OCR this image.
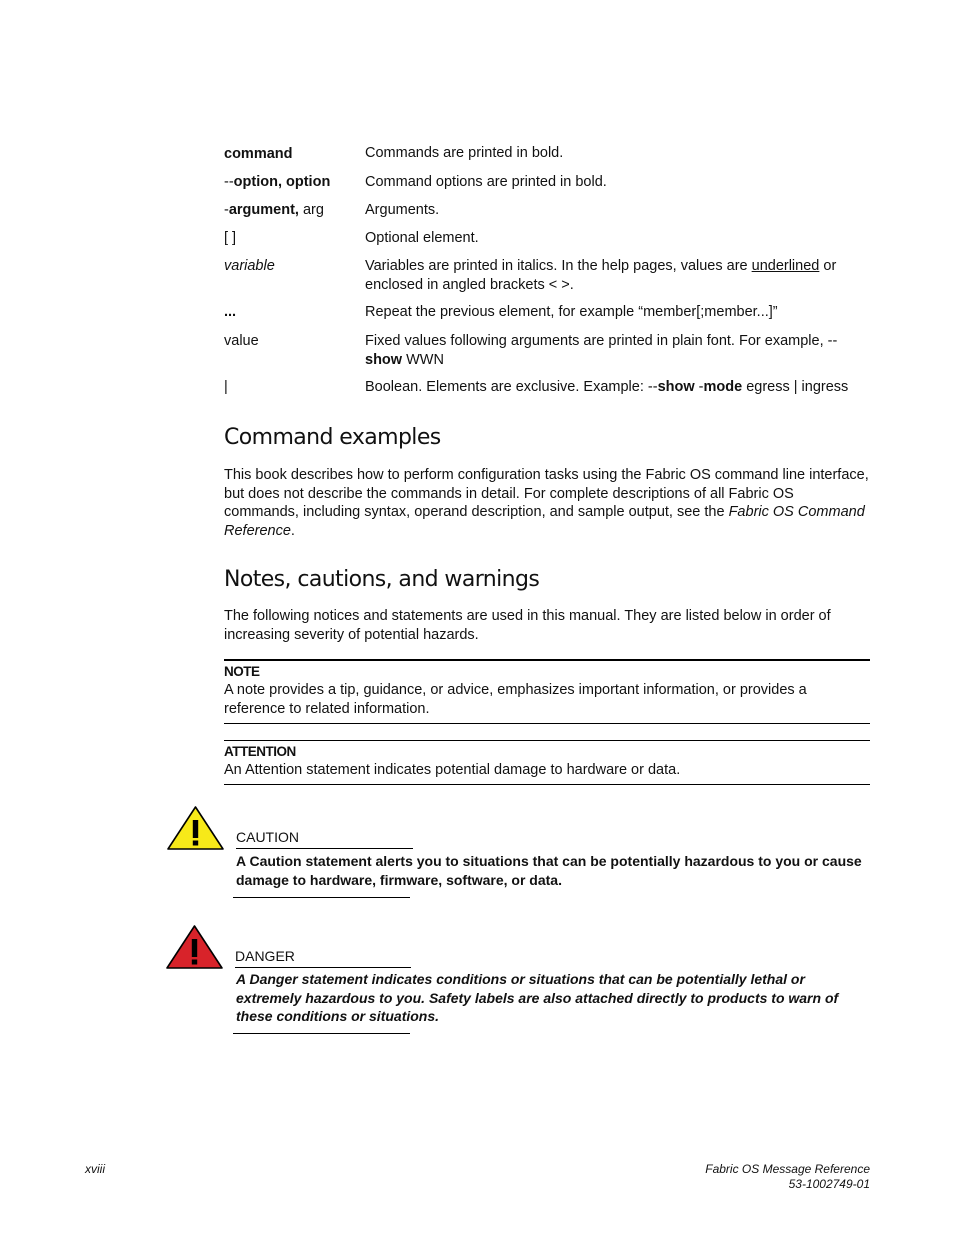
command	Commands are printed in bold.
--option, option	Command options are printed in bold.
-argument, arg	Arguments.
[ ]	Optional element.
variable	Variables are printed in italics. In the help pages, values are underlined or enclosed in angled brackets < >.
...	Repeat the previous element, for example “member[;member...]”
value	Fixed values following arguments are printed in plain font. For example, --show WWN
|	Boolean. Elements are exclusive. Example: --show -mode egress | ingress
Command examples
This book describes how to perform configuration tasks using the Fabric OS command line interface, but does not describe the commands in detail. For complete descriptions of all Fabric OS commands, including syntax, operand description, and sample output, see the Fabric OS Command Reference.
Notes, cautions, and warnings
The following notices and statements are used in this manual. They are listed below in order of increasing severity of potential hazards.
NOTE
A note provides a tip, guidance, or advice, emphasizes important information, or provides a reference to related information.
ATTENTION
An Attention statement indicates potential damage to hardware or data.
CAUTION
A Caution statement alerts you to situations that can be potentially hazardous to you or cause damage to hardware, firmware, software, or data.
DANGER
A Danger statement indicates conditions or situations that can be potentially lethal or extremely hazardous to you. Safety labels are also attached directly to products to warn of these conditions or situations.
xviii	Fabric OS Message Reference
53-1002749-01
